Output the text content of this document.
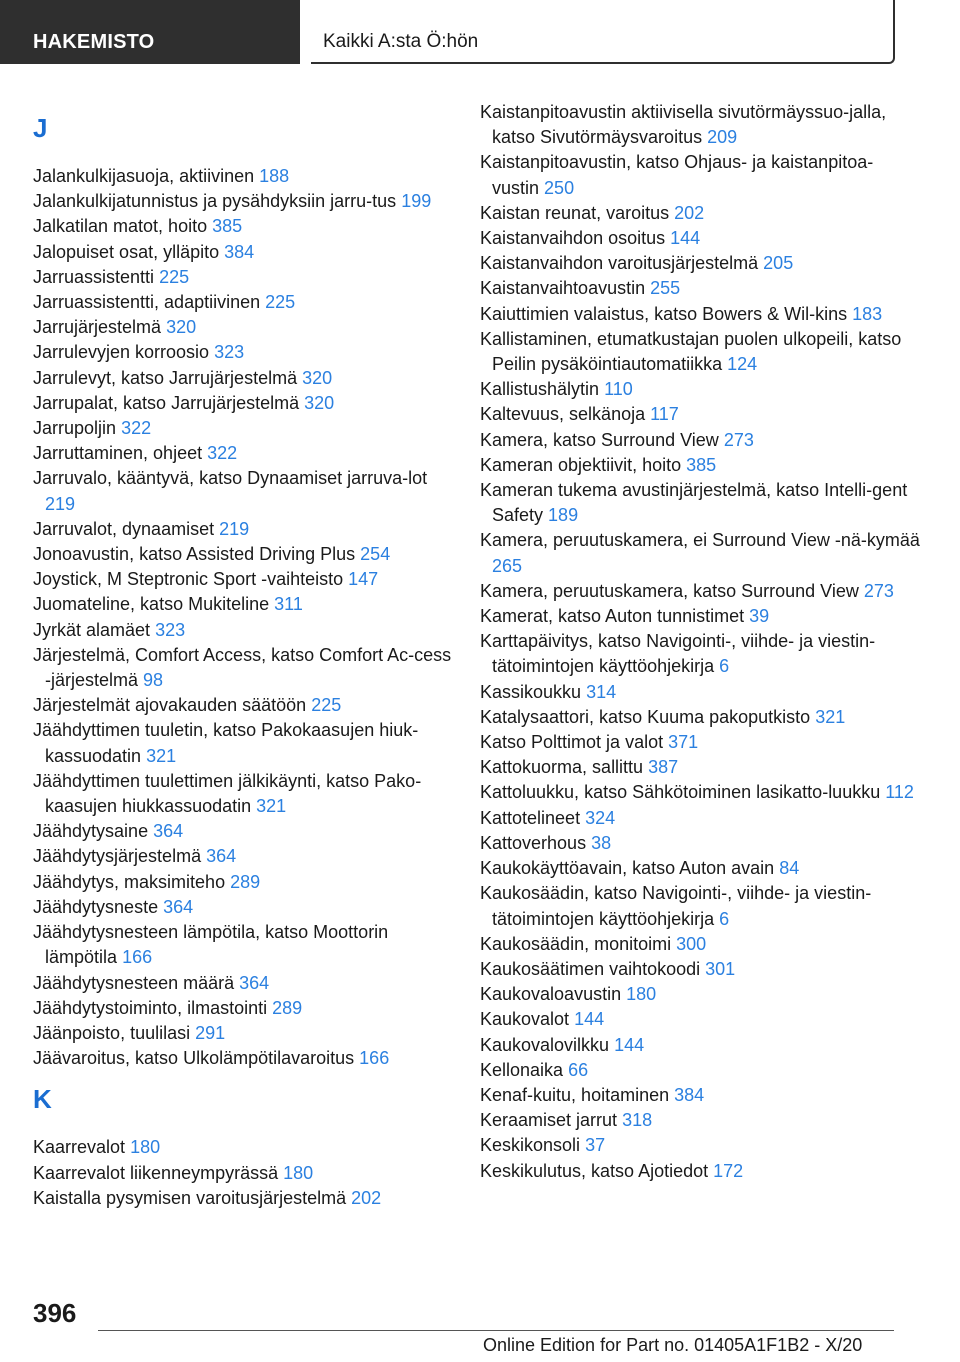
HAKEMISTO	Kaikki A:sta Ö:hön
J
Jalankulkijasuoja, aktiivinen 188
Jalankulkijatunnistus ja pysähdyksiin jarru-tus 199
Jalkatilan matot, hoito 385
Jalopuiset osat, ylläpito 384
Jarruassistentti 225
Jarruassistentti, adaptiivinen 225
Jarrujärjestelmä 320
Jarrulevyjen korroosio 323
Jarrulevyt, katso Jarrujärjestelmä 320
Jarrupalat, katso Jarrujärjestelmä 320
Jarrupoljin 322
Jarruttaminen, ohjeet 322
Jarruvalo, kääntyvä, katso Dynaamiset jarruva-lot 219
Jarruvalot, dynaamiset 219
Jonoavustin, katso Assisted Driving Plus 254
Joystick, M Steptronic Sport -vaihteisto 147
Juomateline, katso Mukiteline 311
Jyrkät alamäet 323
Järjestelmä, Comfort Access, katso Comfort Ac-cess -järjestelmä 98
Järjestelmät ajovakauden säätöön 225
Jäähdyttimen tuuletin, katso Pakokaasujen hiuk-kassuodatin 321
Jäähdyttimen tuulettimen jälkikäynti, katso Pako-kaasujen hiukkassuodatin 321
Jäähdytysaine 364
Jäähdytysjärjestelmä 364
Jäähdytys, maksimiteho 289
Jäähdytysneste 364
Jäähdytysnesteen lämpötila, katso Moottorin lämpötila 166
Jäähdytysnesteen määrä 364
Jäähdytystoiminto, ilmastointi 289
Jäänpoisto, tuulilasi 291
Jäävaroitus, katso Ulkolämpötilavaroitus 166
K
Kaarrevalot 180
Kaarrevalot liikenneympyrässä 180
Kaistalla pysymisen varoitusjärjestelmä 202
Kaistanpitoavustin aktiivisella sivutörmäyssuo-jalla, katso Sivutörmäysvaroitus 209
Kaistanpitoavustin, katso Ohjaus- ja kaistanpitoa-vustin 250
Kaistan reunat, varoitus 202
Kaistanvaihdon osoitus 144
Kaistanvaihdon varoitusjärjestelmä 205
Kaistanvaihtoavustin 255
Kaiuttimien valaistus, katso Bowers & Wil-kins 183
Kallistaminen, etumatkustajan puolen ulkopeili, katso Peilin pysäköintiautomatiikka 124
Kallistushälytin 110
Kaltevuus, selkänoja 117
Kamera, katso Surround View 273
Kameran objektiivit, hoito 385
Kameran tukema avustinjärjestelmä, katso Intelli-gent Safety 189
Kamera, peruutuskamera, ei Surround View -nä-kymää 265
Kamera, peruutuskamera, katso Surround View 273
Kamerat, katso Auton tunnistimet 39
Karttapäivitys, katso Navigointi-, viihde- ja viestin-tätoimintojen käyttöohjekirja 6
Kassikoukku 314
Katalysaattori, katso Kuuma pakoputkisto 321
Katso Polttimot ja valot 371
Kattokuorma, sallittu 387
Kattoluukku, katso Sähkötoiminen lasikatto-luukku 112
Kattotelineet 324
Kattoverhous 38
Kaukokäyttöavain, katso Auton avain 84
Kaukosäädin, katso Navigointi-, viihde- ja viestin-tätoimintojen käyttöohjekirja 6
Kaukosäädin, monitoimi 300
Kaukosäätimen vaihtokoodi 301
Kaukovaloavustin 180
Kaukovalot 144
Kaukovalovilkku 144
Kellonaika 66
Kenaf-kuitu, hoitaminen 384
Keraamiset jarrut 318
Keskikonsoli 37
Keskikulutus, katso Ajotiedot 172
396
Online Edition for Part no. 01405A1F1B2 - X/20
